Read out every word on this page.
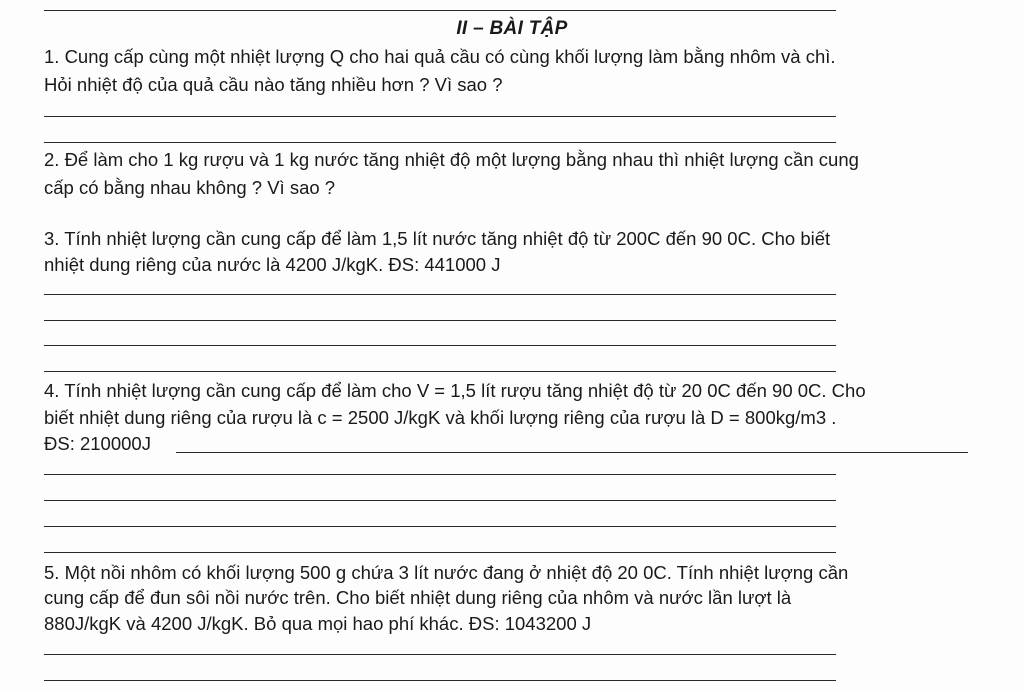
II – BÀI TẬP
1. Cung cấp cùng một nhiệt lượng Q cho hai quả cầu có cùng khối lượng làm bằng nhôm và chì.
Hỏi nhiệt độ của quả cầu nào tăng nhiều hơn ? Vì sao ?
2. Để làm cho 1 kg rượu và 1 kg nước tăng nhiệt độ một lượng bằng nhau thì nhiệt lượng cần cung
cấp có bằng nhau không ? Vì sao ?
3. Tính nhiệt lượng cần cung cấp để làm 1,5 lít nước tăng nhiệt độ từ 200C đến 90 0C. Cho biết
nhiệt dung riêng của nước là 4200 J/kgK. ĐS: 441000 J
4. Tính nhiệt lượng cần cung cấp để làm cho V = 1,5 lít rượu tăng nhiệt độ từ 20 0C đến 90 0C. Cho
biết nhiệt dung riêng của rượu là c = 2500 J/kgK và khối lượng riêng của rượu là D = 800kg/m3 .
ĐS: 210000J
5. Một nồi nhôm có khối lượng 500 g chứa 3 lít nước đang ở nhiệt độ 20 0C. Tính nhiệt lượng cần
cung cấp để đun sôi nồi nước trên. Cho biết nhiệt dung riêng của nhôm và nước lần lượt là
880J/kgK và 4200 J/kgK. Bỏ qua mọi hao phí khác. ĐS: 1043200 J
